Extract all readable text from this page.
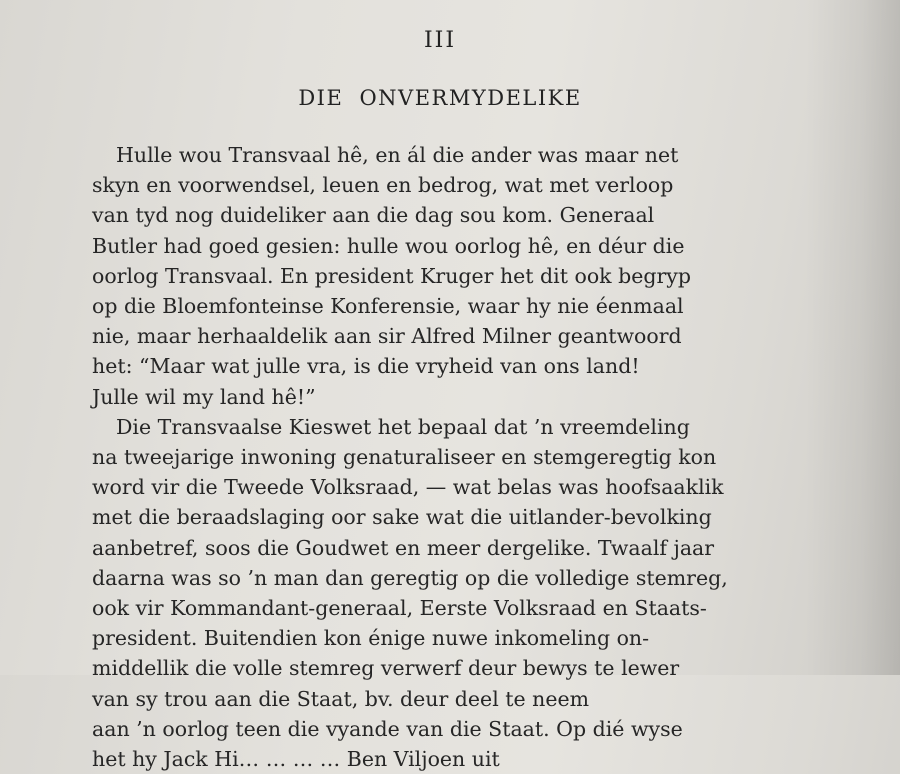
III
DIE ONVERMYDELIKE
Hulle wou Transvaal hê, en ál die ander was maar net
skyn en voorwendsel, leuen en bedrog, wat met verloop
van tyd nog duideliker aan die dag sou kom. Generaal
Butler had goed gesien: hulle wou oorlog hê, en déur die
oorlog Transvaal. En president Kruger het dit ook begryp
op die Bloemfonteinse Konferensie, waar hy nie éenmaal
nie, maar herhaaldelik aan sir Alfred Milner geantwoord
het: “Maar wat julle vra, is die vryheid van ons land!
Julle wil my land hê!”
Die Transvaalse Kieswet het bepaal dat ’n vreemdeling
na tweejarige inwoning genaturaliseer en stemgeregtig kon
word vir die Tweede Volksraad, — wat belas was hoofsaaklik
met die beraadslaging oor sake wat die uitlander-bevolking
aanbetref, soos die Goudwet en meer dergelike. Twaalf jaar
daarna was so ’n man dan geregtig op die volledige stemreg,
ook vir Kommandant-generaal, Eerste Volksraad en Staats-
president. Buitendien kon énige nuwe inkomeling on-
middellik die volle stemreg verwerf deur bewys te lewer
van sy trou aan die Staat, bv. deur deel te neem
aan ’n oorlog teen die vyande van die Staat. Op dié wyse
het hy Jack Hi… … … … Ben Viljoen uit
